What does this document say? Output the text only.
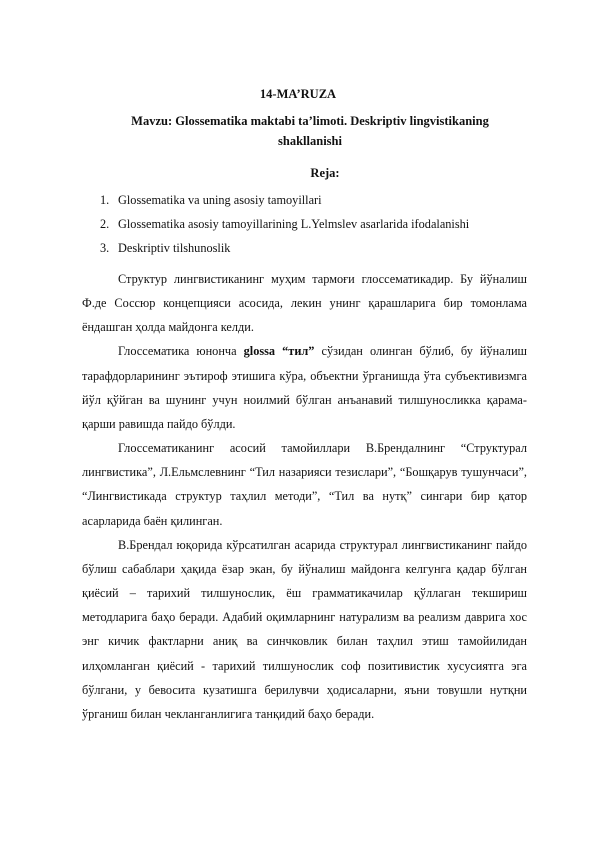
14-MA’RUZA
Mavzu: Glossematika maktabi ta’limoti. Deskriptiv lingvistikaning shakllanishi
Reja:
1. Glossematika va uning asosiy tamoyillari
2. Glossematika asosiy tamoyillarining L.Yelmslev asarlarida ifodalanishi
3. Deskriptiv tilshunoslik

Структур лингвистиканинг муҳим тармоғи глоссематикадир. Бу йўналиш Ф.де Соссюр концепцияси асосида, лекин унинг қарашларига бир томонлама ёндашган ҳолда майдонга келди.

Глоссематика юнонча glossa “тил” сўзидан олинган бўлиб, бу йўналиш тарафдорларининг эътироф этишига кўра, объектни ўрганишда ўта субъективизмга йўл қўйган ва шунинг учун ноилмий бўлган анъанавий тилшуносликка қарама-қарши равишда пайдо бўлди.

Глоссематиканинг асосий тамойиллари В.Брендалнинг “Структурал лингвистика”, Л.Ельмслевнинг “Тил назарияси тезислари”, “Бошқарув тушунчаси”, “Лингвистикада структур таҳлил методи”, “Тил ва нутқ” сингари бир қатор асарларида баён қилинган.

В.Брендал юқорида кўрсатилган асарида структурал лингвистиканинг пайдо бўлиш сабаблари ҳақида ёзар экан, бу йўналиш майдонга келгунга қадар бўлган қиёсий – тарихий тилшунослик, ёш грамматикачилар қўллаган текшириш методларига баҳо беради. Адабий оқимларнинг натурализм ва реализм даврига хос энг кичик фактларни аниқ ва синчковлик билан таҳлил этиш тамойилидан илҳомланган қиёсий - тарихий тилшунослик соф позитивистик хусусиятга эга бўлгани, у бевосита кузатишга берилувчи ҳодисаларни, яъни товушли нутқни ўрганиш билан чекланганлигига танқидий баҳо беради.
